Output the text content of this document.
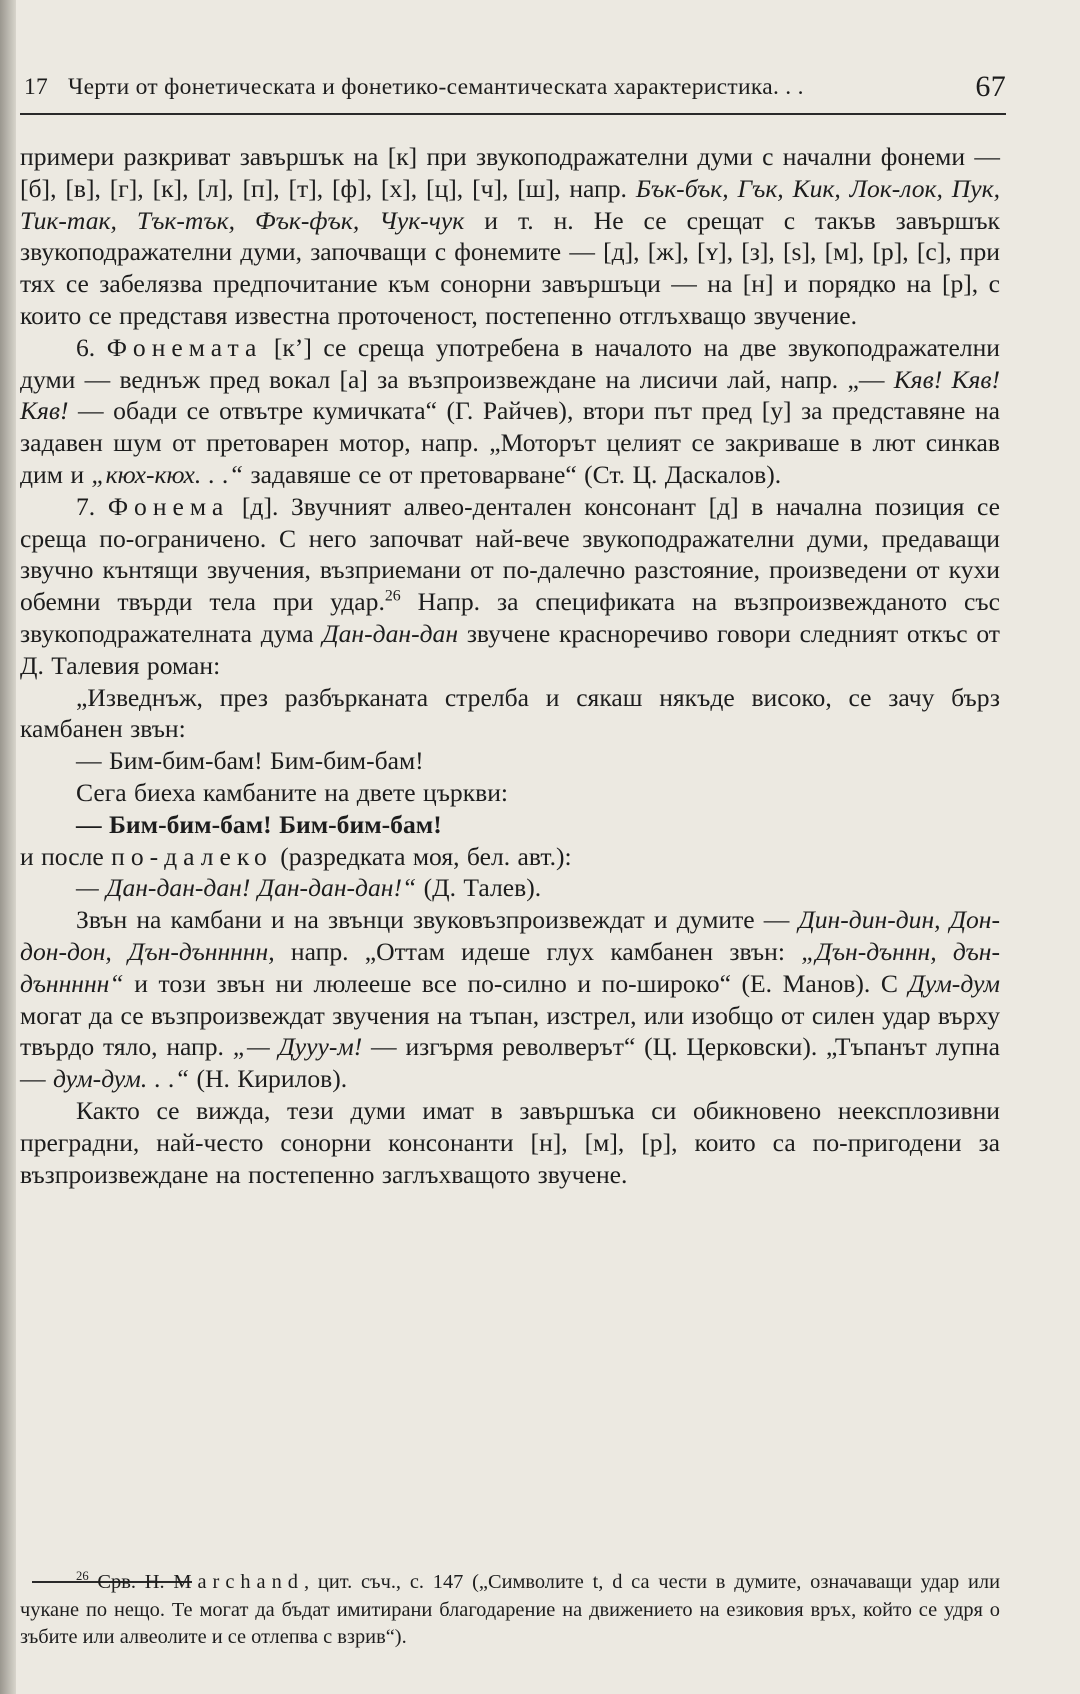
17 Черти от фонетическата и фонетико-семантическата характеристика. . .	67

примери разкриват завършък на [к] при звукоподражателни думи с начални фонеми — [б], [в], [г], [к], [л], [п], [т], [ф], [х], [ц], [ч], [ш], напр. Бък-бък, Гък, Кик, Лок-лок, Пук, Тик-так, Тък-тък, Фък-фък, Чук-чук и т. н. Не се срещат с такъв завършък звукоподражателни думи, започващи с фонемите — [д], [ж], [ʏ], [з], [ѕ], [м], [р], [с], при тях се забелязва предпочитание към сонорни завършъци — на [н] и порядко на [р], с които се представя известна проточеност, постепенно отглъхващо звучение.

6. Фонемата [к’] се среща употребена в началото на две звукоподражателни думи — веднъж пред вокал [а] за възпроизвеждане на лисичи лай, напр. „— Кяв! Кяв! Кяв! — обади се отвътре кумичката“ (Г. Райчев), втори път пред [у] за представяне на задавен шум от претоварен мотор, напр. „Моторът целият се закриваше в лют синкав дим и „кюх-кюх. . .“ задавяше се от претоварване“ (Ст. Ц. Даскалов).

7. Фонема [д]. Звучният алвео-дентален консонант [д] в начална позиция се среща по-ограничено. С него започват най-вече звукоподражателни думи, предаващи звучно кънтящи звучения, възприемани от по-далечно разстояние, произведени от кухи обемни твърди тела при удар.$^{26}$ Напр. за спецификата на възпроизвежданото със звукоподражателната дума Дан-дан-дан звучене красноречиво говори следният откъс от Д. Талевия роман:

„Изведнъж, през разбърканата стрелба и сякаш някъде високо, се зачу бърз камбанен звън:

— Бим-бим-бам! Бим-бим-бам!

Сега биеха камбаните на двете църкви:

— Бим-бим-бам! Бим-бим-бам!

и после по-далеко (разредката моя, бел. авт.):

— Дан-дан-дан! Дан-дан-дан!“ (Д. Талев).

Звън на камбани и на звънци звуковъзпроизвеждат и думите — Дин-дин-дин, Дон-дон-дон, Дън-дъннннн, напр. „Оттам идеше глух камбанен звън: „Дън-дъннн, дън-дъннннн“ и този звън ни люлееше все по-силно и по-широко“ (Е. Манов). С Дум-дум могат да се възпроизвеждат звучения на тъпан, изстрел, или изобщо от силен удар върху твърдо тяло, напр. „— Дууу-м! — изгърмя револверът“ (Ц. Церковски). „Тъпанът лупна — дум-дум. . .“ (Н. Кирилов).

Както се вижда, тези думи имат в завършъка си обикновено неексплозивни преградни, най-често сонорни консонанти [н], [м], [р], които са по-пригодени за възпроизвеждане на постепенно заглъхващото звучене.

$^{26}$ Срв. Н. Marchand, цит. съч., с. 147 („Символите t, d са чести в думите, означаващи удар или чукане по нещо. Те могат да бъдат имитирани благодарение на движението на езиковия връх, който се удря о зъбите или алвеолите и се отлепва с взрив“).
